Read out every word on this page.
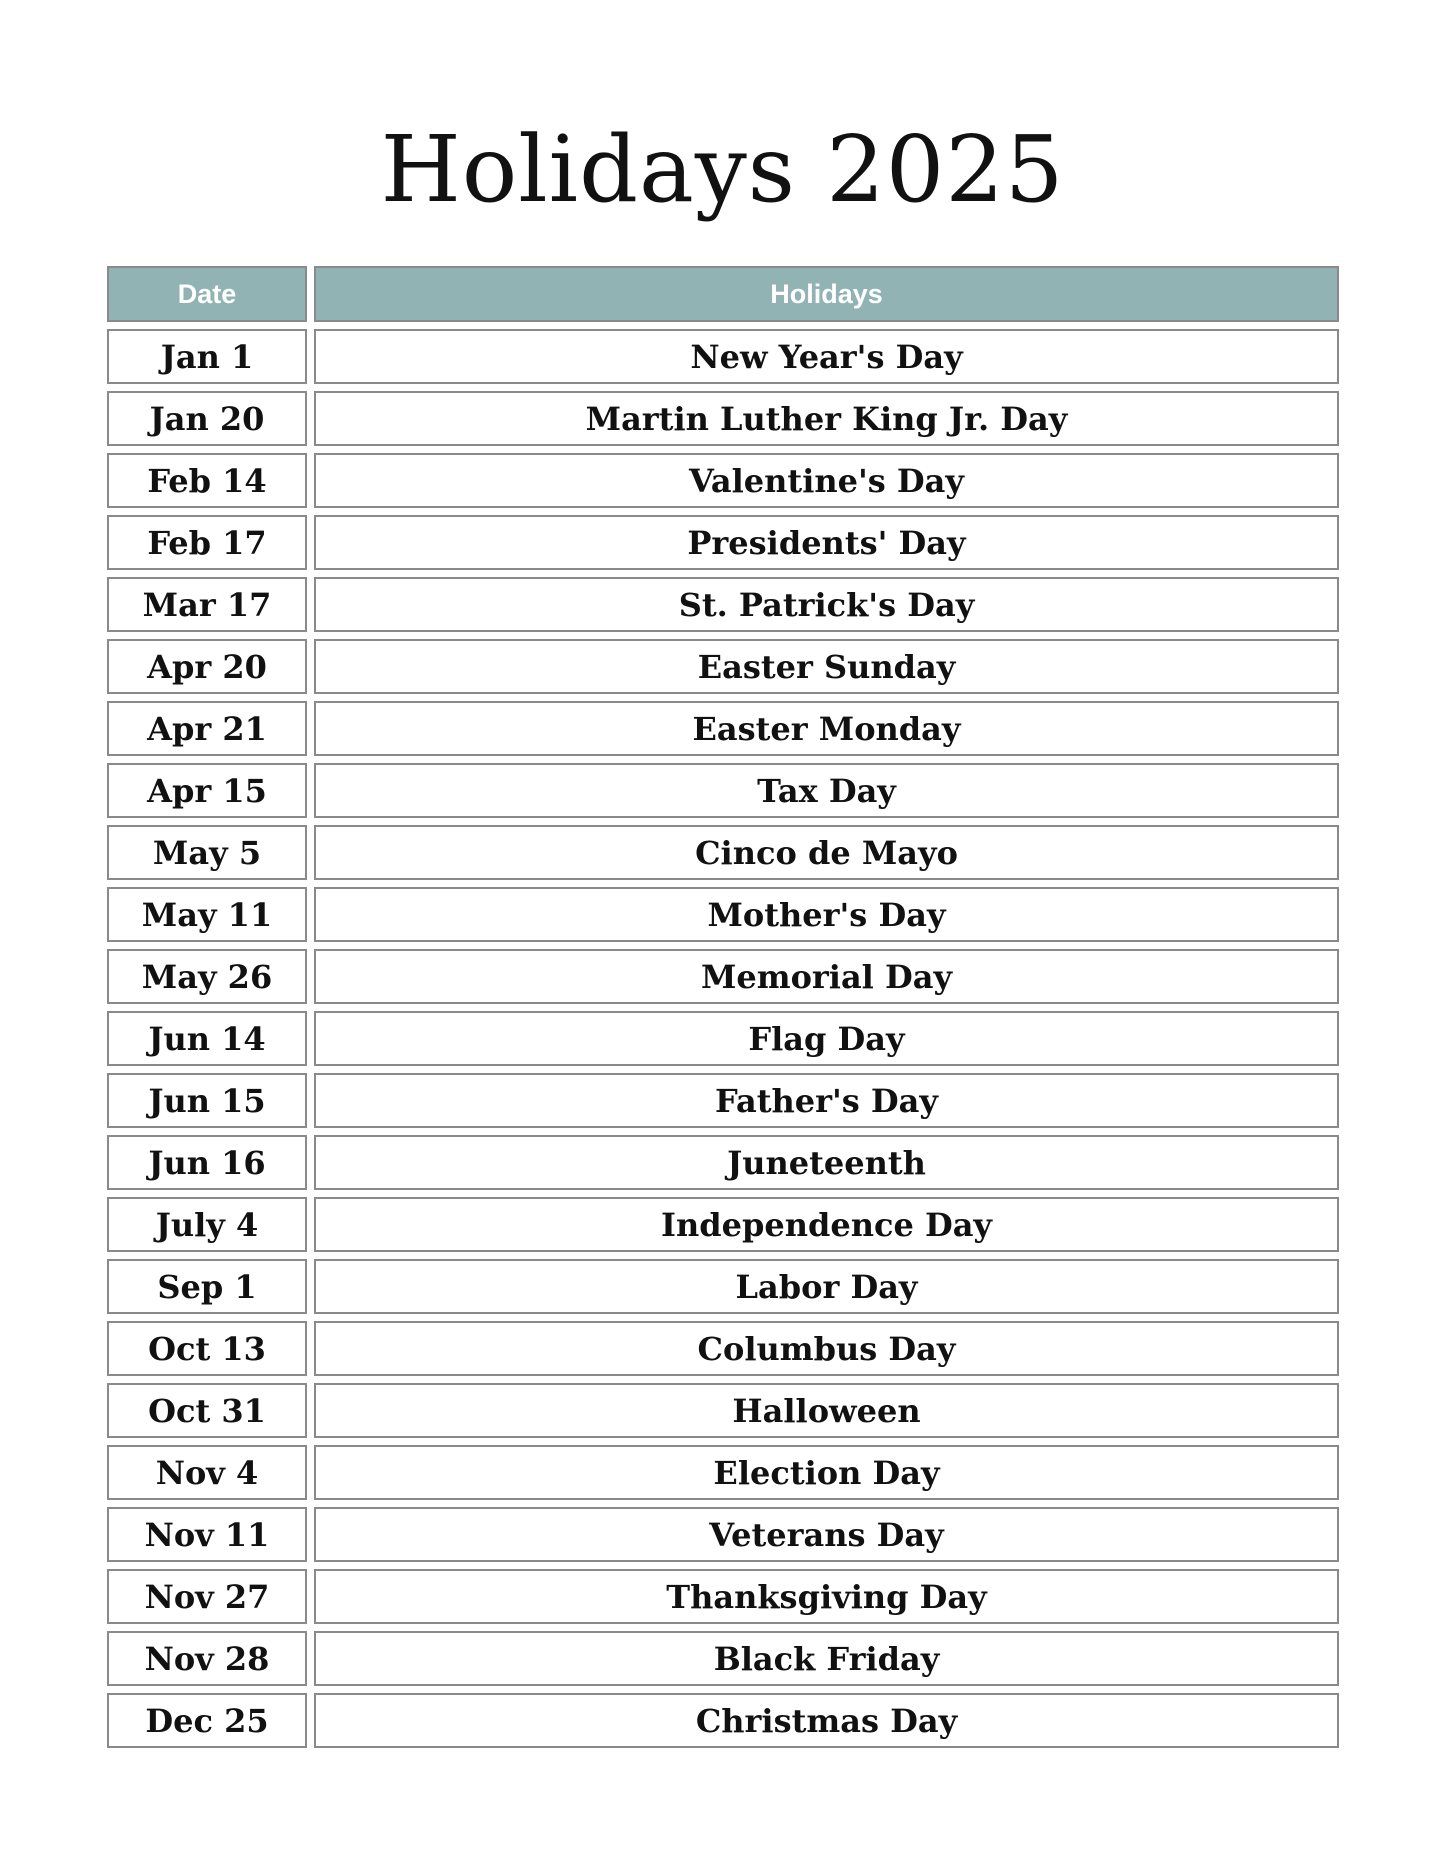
Holidays 2025
Date	Holidays
Jan 1	New Year's Day
Jan 20	Martin Luther King Jr. Day
Feb 14	Valentine's Day
Feb 17	Presidents' Day
Mar 17	St. Patrick's Day
Apr 20	Easter Sunday
Apr 21	Easter Monday
Apr 15	Tax Day
May 5	Cinco de Mayo
May 11	Mother's Day
May 26	Memorial Day
Jun 14	Flag Day
Jun 15	Father's Day
Jun 16	Juneteenth
July 4	Independence Day
Sep 1	Labor Day
Oct 13	Columbus Day
Oct 31	Halloween
Nov 4	Election Day
Nov 11	Veterans Day
Nov 27	Thanksgiving Day
Nov 28	Black Friday
Dec 25	Christmas Day
